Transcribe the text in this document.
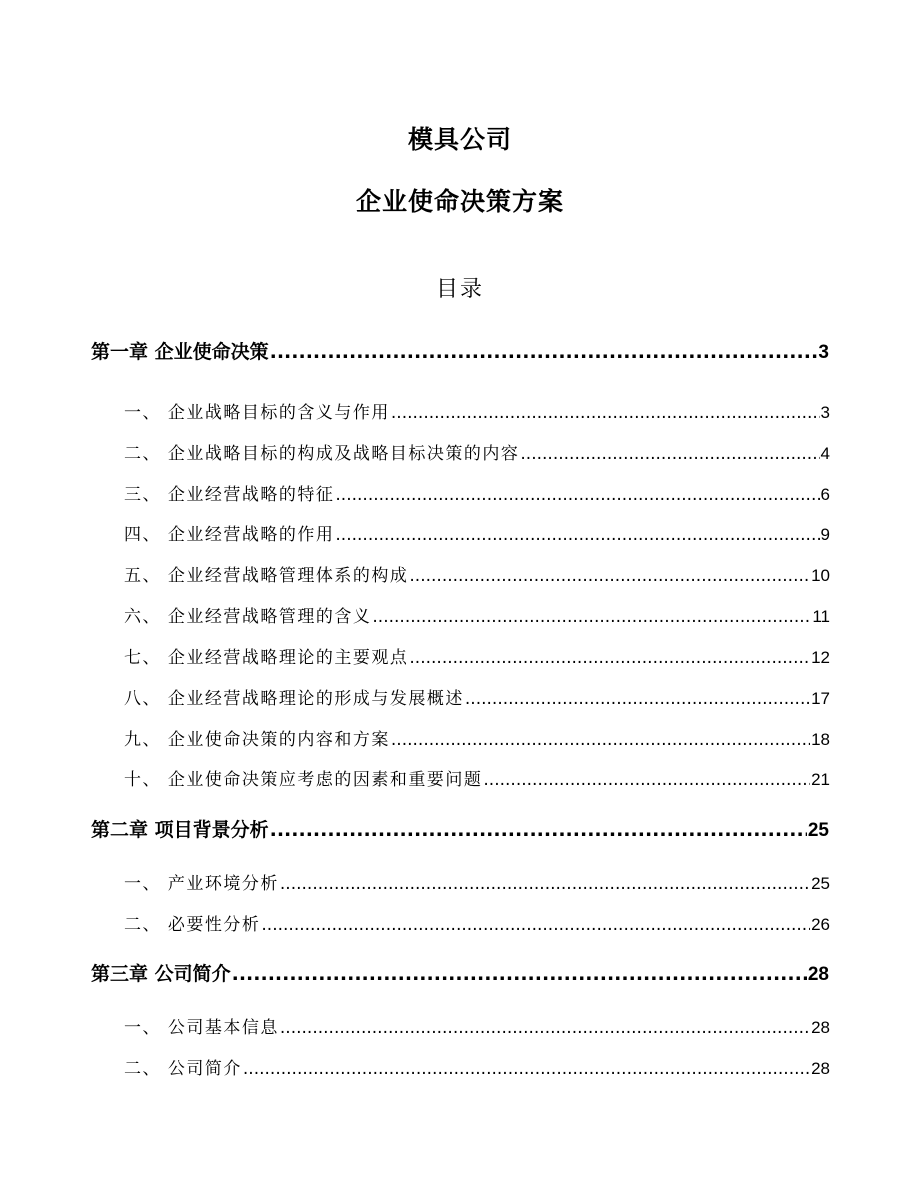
模具公司
企业使命决策方案
目录
第一章 企业使命决策 .....	3
一、 企业战略目标的含义与作用 .....	3
二、 企业战略目标的构成及战略目标决策的内容 .....	4
三、 企业经营战略的特征 .....	6
四、 企业经营战略的作用 .....	9
五、 企业经营战略管理体系的构成 .....	10
六、 企业经营战略管理的含义 .....	11
七、 企业经营战略理论的主要观点 .....	12
八、 企业经营战略理论的形成与发展概述 .....	17
九、 企业使命决策的内容和方案 .....	18
十、 企业使命决策应考虑的因素和重要问题 .....	21
第二章 项目背景分析 .....	25
一、 产业环境分析 .....	25
二、 必要性分析 .....	26
第三章 公司简介 .....	28
一、 公司基本信息 .....	28
二、 公司简介 .....	28
